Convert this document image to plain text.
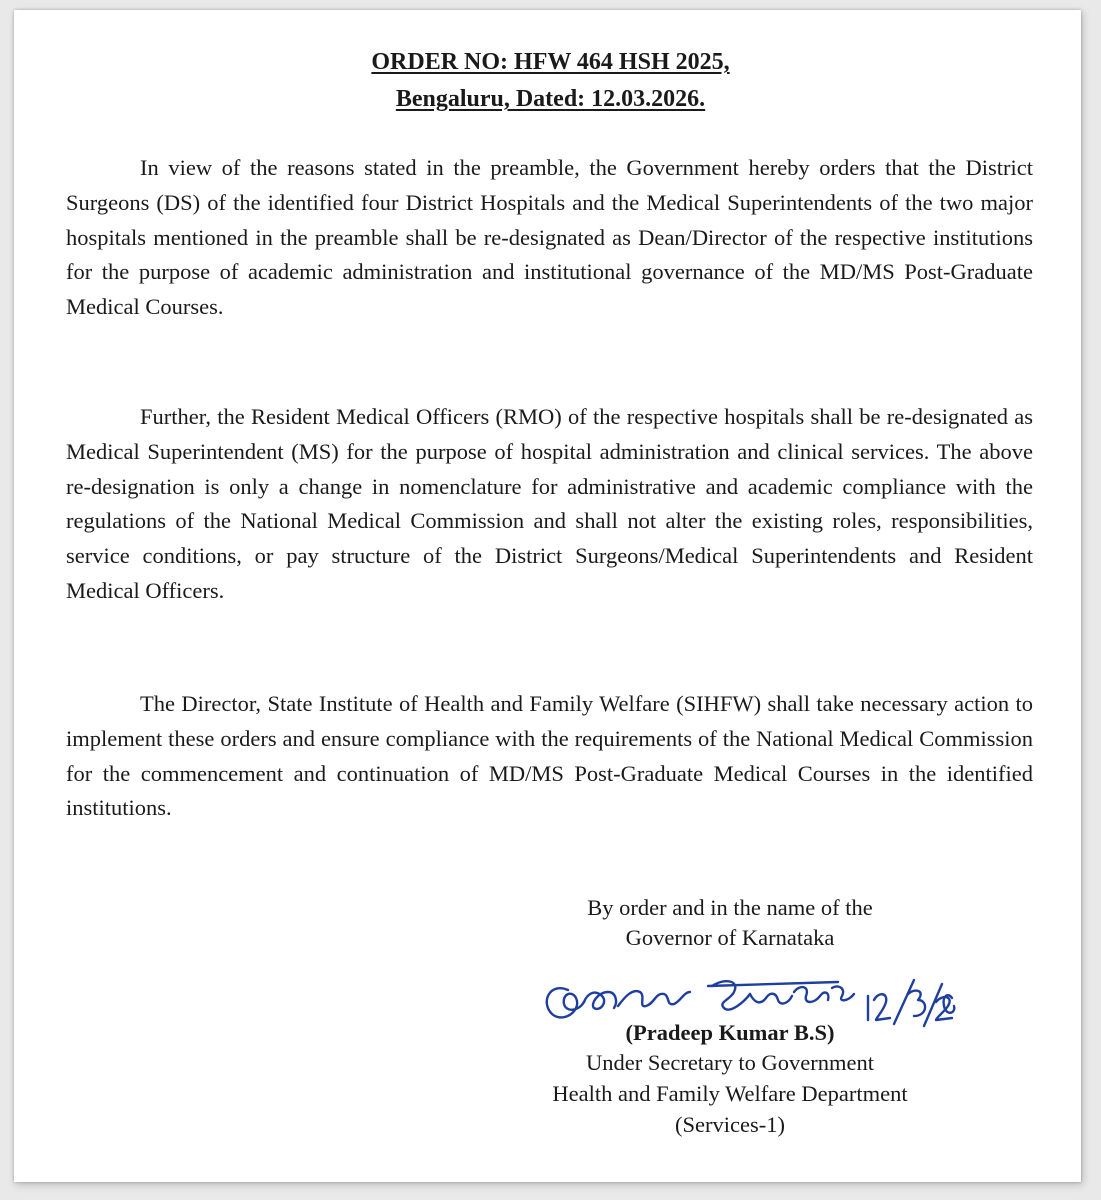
ORDER NO: HFW 464 HSH 2025,
Bengaluru, Dated: 12.03.2026.

In view of the reasons stated in the preamble, the Government hereby orders that the District Surgeons (DS) of the identified four District Hospitals and the Medical Superintendents of the two major hospitals mentioned in the preamble shall be re-designated as Dean/Director of the respective institutions for the purpose of academic administration and institutional governance of the MD/MS Post-Graduate Medical Courses.

Further, the Resident Medical Officers (RMO) of the respective hospitals shall be re-designated as Medical Superintendent (MS) for the purpose of hospital administration and clinical services. The above re-designation is only a change in nomenclature for administrative and academic compliance with the regulations of the National Medical Commission and shall not alter the existing roles, responsibilities, service conditions, or pay structure of the District Surgeons/Medical Superintendents and Resident Medical Officers.

The Director, State Institute of Health and Family Welfare (SIHFW) shall take necessary action to implement these orders and ensure compliance with the requirements of the National Medical Commission for the commencement and continuation of MD/MS Post-Graduate Medical Courses in the identified institutions.

By order and in the name of the
Governor of Karnataka
(Pradeep Kumar B.S)
Under Secretary to Government
Health and Family Welfare Department
(Services-1)
